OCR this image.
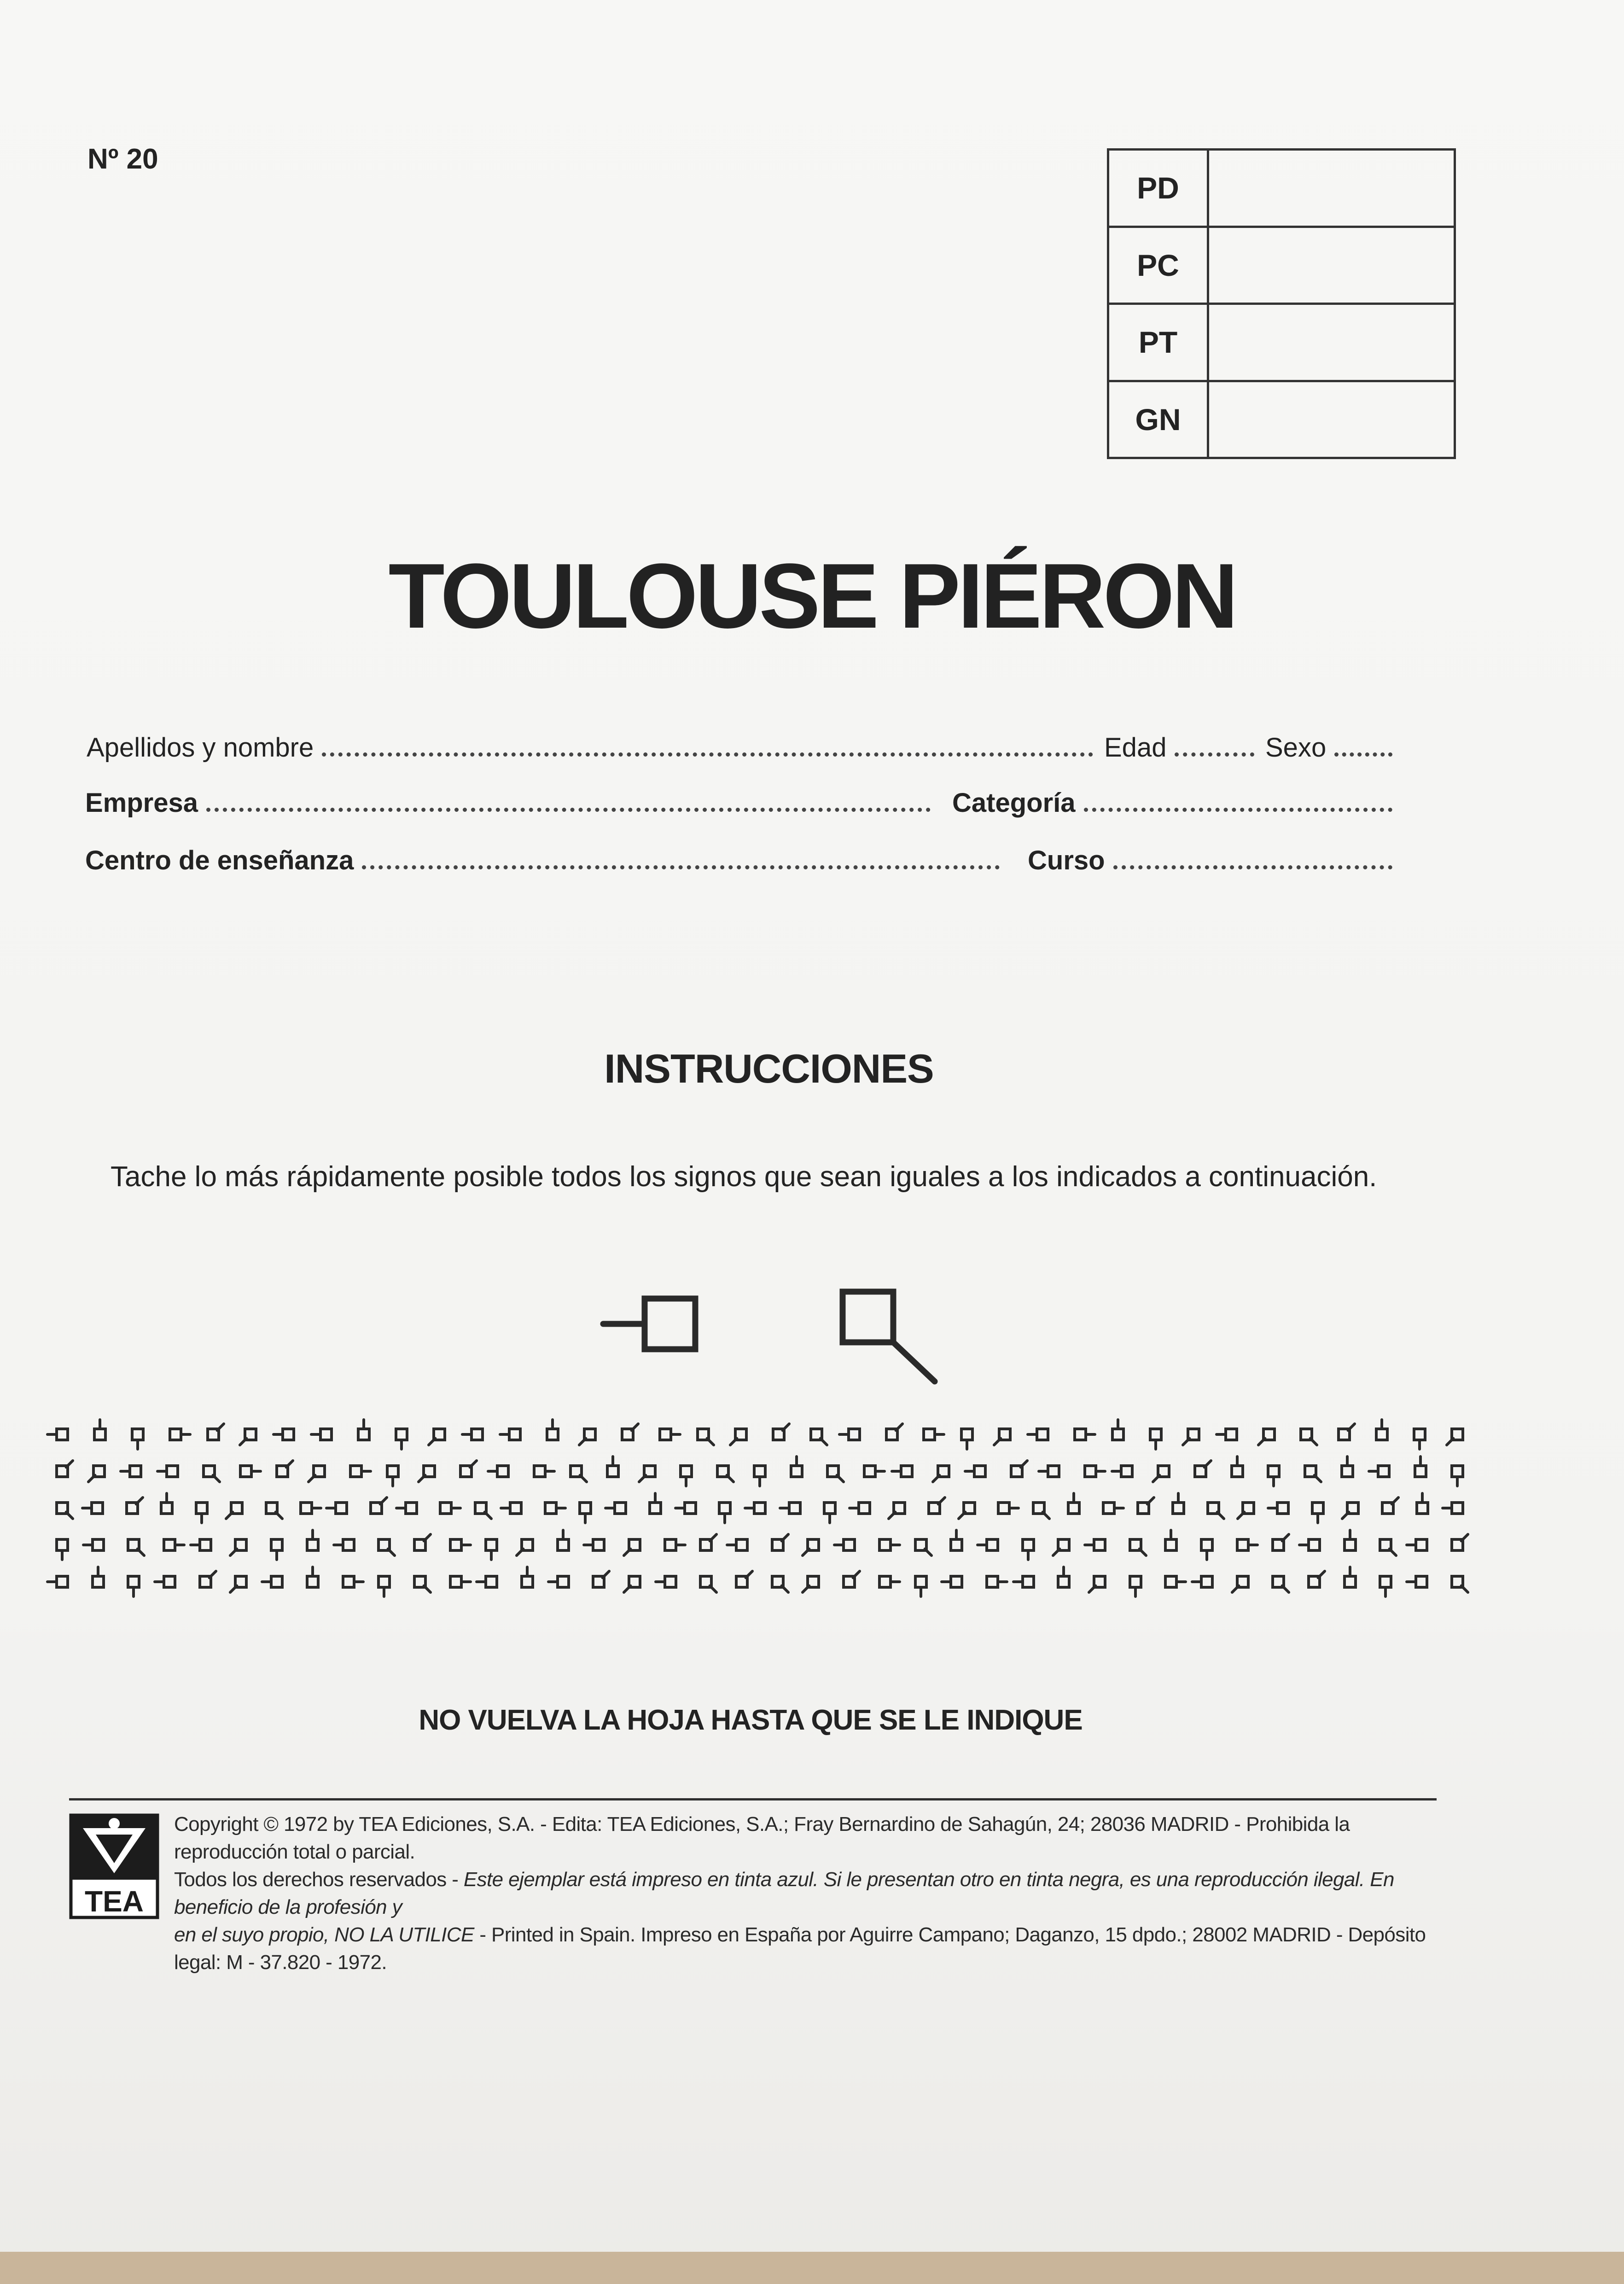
Nº 20
PD	
PC	
PT	
GN	
TOULOUSE PIÉRON
Apellidos y nombre	Edad	Sexo
Empresa	Categoría
Centro de enseñanza	Curso
INSTRUCCIONES
Tache lo más rápidamente posible todos los signos que sean iguales a los indicados a continuación.
NO VUELVA LA HOJA HASTA QUE SE LE INDIQUE
TEA
Copyright © 1972 by TEA Ediciones, S.A. - Edita: TEA Ediciones, S.A.; Fray Bernardino de Sahagún, 24; 28036 MADRID - Prohibida la reproducción total o parcial.
Todos los derechos reservados - Este ejemplar está impreso en tinta azul. Si le presentan otro en tinta negra, es una reproducción ilegal. En beneficio de la profesión y
en el suyo propio, NO LA UTILICE - Printed in Spain. Impreso en España por Aguirre Campano; Daganzo, 15 dpdo.; 28002 MADRID - Depósito legal: M - 37.820 - 1972.
